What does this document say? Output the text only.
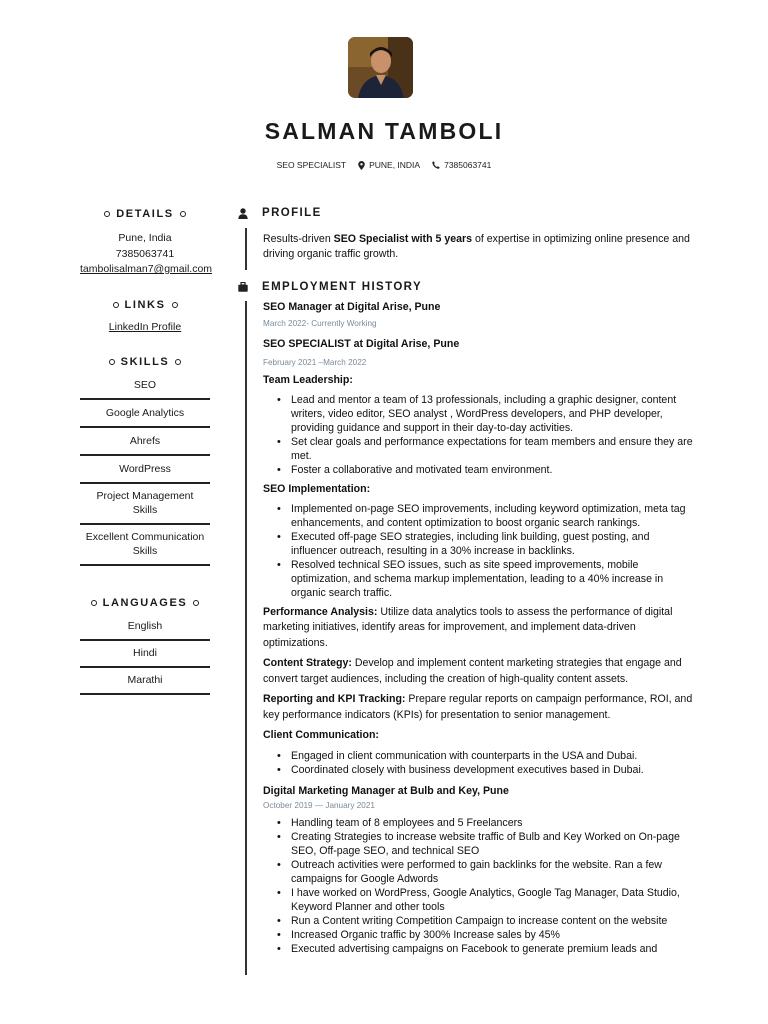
SALMAN TAMBOLI
SEO SPECIALIST	PUNE, INDIA	7385063741
DETAILS

Pune, India

7385063741

tambolisalman7@gmail.com

LINKS
LinkedIn Profile
SKILLS
SEO
Google Analytics
Ahrefs
WordPress
Project Management Skills
Excellent Communication Skills
LANGUAGES
English
Hindi
Marathi
PROFILE
Results-driven SEO Specialist with 5 years of expertise in optimizing online presence and driving organic traffic growth.
EMPLOYMENT HISTORY
SEO Manager at Digital Arise, Pune
March 2022- Currently Working
SEO SPECIALIST at Digital Arise, Pune
February 2021 –March 2022
Team Leadership:
• Lead and mentor a team of 13 professionals, including a graphic designer, content writers, video editor, SEO analyst , WordPress developers, and PHP developer, providing guidance and support in their day-to-day activities.
• Set clear goals and performance expectations for team members and ensure they are met.
• Foster a collaborative and motivated team environment.
SEO Implementation:
• Implemented on-page SEO improvements, including keyword optimization, meta tag enhancements, and content optimization to boost organic search rankings.
• Executed off-page SEO strategies, including link building, guest posting, and influencer outreach, resulting in a 30% increase in backlinks.
• Resolved technical SEO issues, such as site speed improvements, mobile optimization, and schema markup implementation, leading to a 40% increase in organic search traffic.
Performance Analysis: Utilize data analytics tools to assess the performance of digital marketing initiatives, identify areas for improvement, and implement data-driven optimizations.
Content Strategy: Develop and implement content marketing strategies that engage and convert target audiences, including the creation of high-quality content assets.
Reporting and KPI Tracking: Prepare regular reports on campaign performance, ROI, and key performance indicators (KPIs) for presentation to senior management.
Client Communication:
• Engaged in client communication with counterparts in the USA and Dubai.
• Coordinated closely with business development executives based in Dubai.
Digital Marketing Manager at Bulb and Key, Pune
October 2019 — January 2021
• Handling team of 8 employees and 5 Freelancers
• Creating Strategies to increase website traffic of Bulb and Key Worked on On-page SEO, Off-page SEO, and technical SEO
• Outreach activities were performed to gain backlinks for the website. Ran a few campaigns for Google Adwords
• I have worked on WordPress, Google Analytics, Google Tag Manager, Data Studio, Keyword Planner and other tools
• Run a Content writing Competition Campaign to increase content on the website
• Increased Organic traffic by 300% Increase sales by 45%
• Executed advertising campaigns on Facebook to generate premium leads and
